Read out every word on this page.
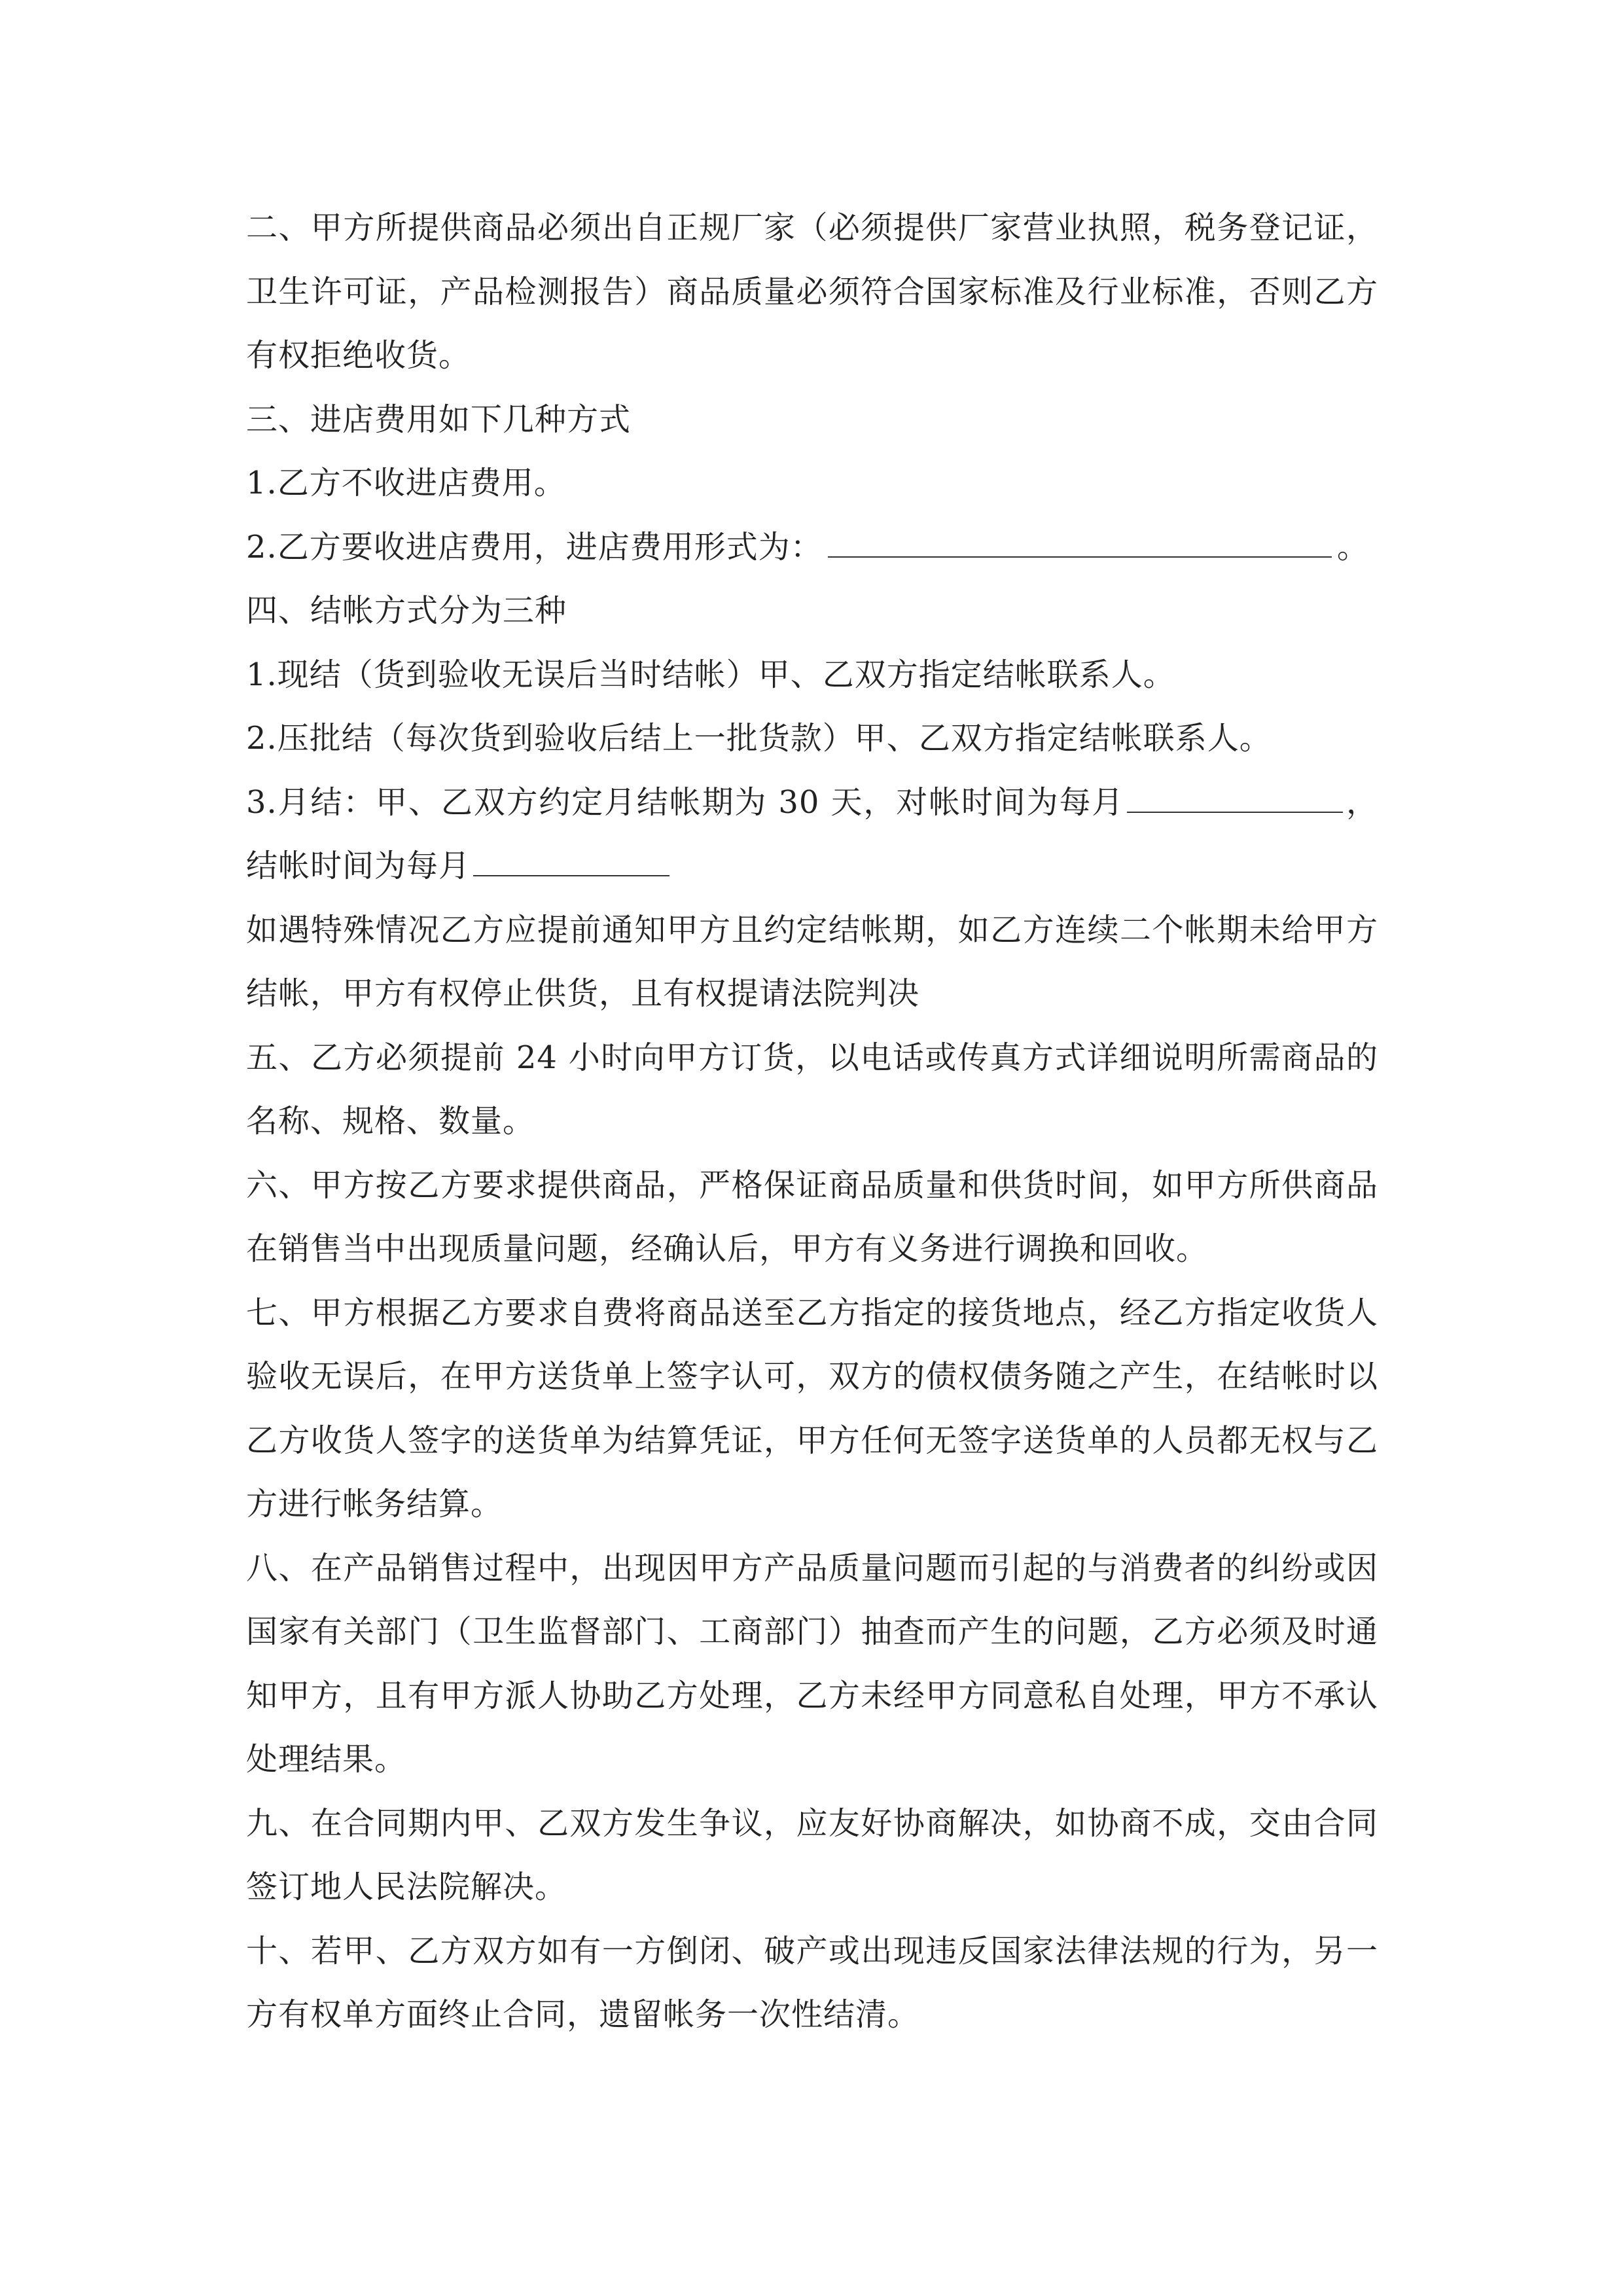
二、甲方所提供商品必须出自正规厂家（必须提供厂家营业执照，税务登记证，卫生许可证，产品检测报告）商品质量必须符合国家标准及行业标准，否则乙方有权拒绝收货。

三、进店费用如下几种方式

1.乙方不收进店费用。

2.乙方要收进店费用，进店费用形式为：	。

四、结帐方式分为三种

1.现结（货到验收无误后当时结帐）甲、乙双方指定结帐联系人。

2.压批结（每次货到验收后结上一批货款）甲、乙双方指定结帐联系人。

3.月结：甲、乙双方约定月结帐期为 30 天，对帐时间为每月	，结帐时间为每月

如遇特殊情况乙方应提前通知甲方且约定结帐期，如乙方连续二个帐期未给甲方结帐，甲方有权停止供货，且有权提请法院判决

五、乙方必须提前 24 小时向甲方订货，以电话或传真方式详细说明所需商品的名称、规格、数量。

六、甲方按乙方要求提供商品，严格保证商品质量和供货时间，如甲方所供商品在销售当中出现质量问题，经确认后，甲方有义务进行调换和回收。

七、甲方根据乙方要求自费将商品送至乙方指定的接货地点，经乙方指定收货人验收无误后，在甲方送货单上签字认可，双方的债权债务随之产生，在结帐时以乙方收货人签字的送货单为结算凭证，甲方任何无签字送货单的人员都无权与乙方进行帐务结算。

八、在产品销售过程中，出现因甲方产品质量问题而引起的与消费者的纠纷或因国家有关部门（卫生监督部门、工商部门）抽查而产生的问题，乙方必须及时通知甲方，且有甲方派人协助乙方处理，乙方未经甲方同意私自处理，甲方不承认处理结果。

九、在合同期内甲、乙双方发生争议，应友好协商解决，如协商不成，交由合同签订地人民法院解决。

十、若甲、乙方双方如有一方倒闭、破产或出现违反国家法律法规的行为，另一方有权单方面终止合同，遗留帐务一次性结清。
